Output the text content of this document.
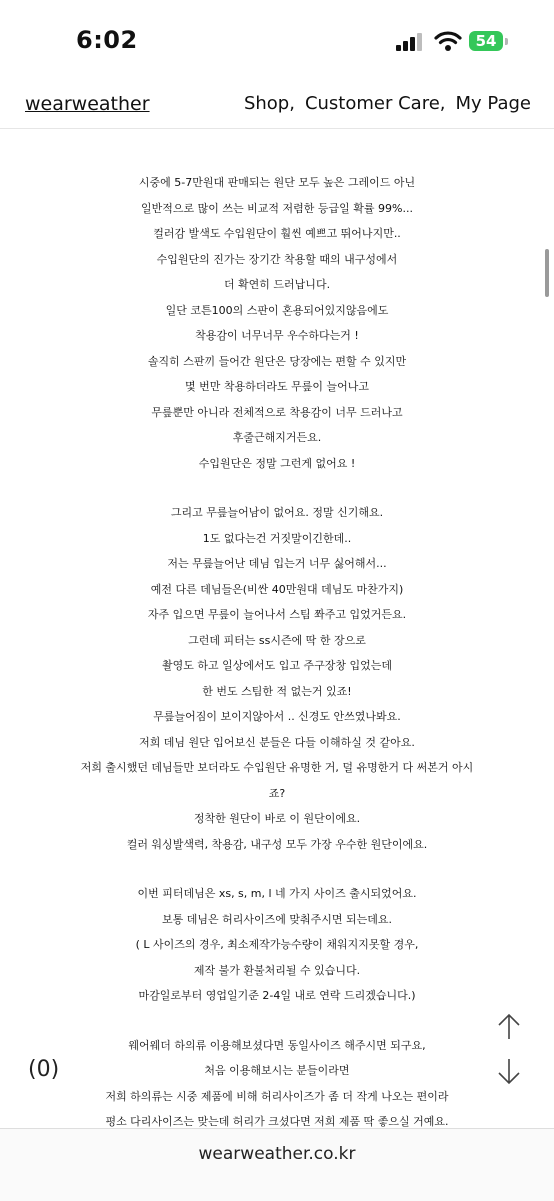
6:02	54
wearweather	Shop, Customer Care, My Page
시중에 5-7만원대 판매되는 원단 모두 높은 그레이드 아닌
일반적으로 많이 쓰는 비교적 저렴한 등급일 확률 99%...
컬러감 발색도 수입원단이 훨씬 예쁘고 뛰어나지만..
수입원단의 진가는 장기간 착용할 때의 내구성에서
더 확연히 드러납니다.
일단 코튼100의 스판이 혼용되어있지않음에도
착용감이 너무너무 우수하다는거 !
솔직히 스판끼 들어간 원단은 당장에는 편할 수 있지만
몇 번만 착용하더라도 무릎이 늘어나고
무릎뿐만 아니라 전체적으로 착용감이 너무 드러나고
후줄근해지거든요.
수입원단은 정말 그런게 없어요 !
그리고 무릎늘어남이 없어요. 정말 신기해요.
1도 없다는건 거짓말이긴한데..
저는 무릎늘어난 데님 입는거 너무 싫어해서...
예전 다른 데님들은(비싼 40만원대 데님도 마찬가지)
자주 입으면 무릎이 늘어나서 스팀 쫘주고 입었거든요.
그런데 피터는 ss시즌에 딱 한 장으로
촬영도 하고 일상에서도 입고 주구장창 입었는데
한 번도 스팀한 적 없는거 있죠!
무릎늘어짐이 보이지않아서 .. 신경도 안쓰였나봐요.
저희 데님 원단 입어보신 분들은 다들 이해하실 것 같아요.
저희 출시했던 데님들만 보더라도 수입원단 유명한 거, 덜 유명한거 다 써본거 아시
죠?
정착한 원단이 바로 이 원단이에요.
컬러 워싱발색력, 착용감, 내구성 모두 가장 우수한 원단이에요.
이번 피터데님은 xs, s, m, l 네 가지 사이즈 출시되었어요.
보통 데님은 허리사이즈에 맞춰주시면 되는데요.
( L 사이즈의 경우, 최소제작가능수량이 채워지지못할 경우,
제작 불가 환불처리될 수 있습니다.
마감일로부터 영업일기준 2-4일 내로 연락 드리겠습니다.)
웨어웨더 하의류 이용해보셨다면 동일사이즈 해주시면 되구요,
처음 이용해보시는 분들이라면
저희 하의류는 시중 제품에 비해 허리사이즈가 좀 더 작게 나오는 편이라
평소 다리사이즈는 맞는데 허리가 크셨다면 저희 제품 딱 좋으실 거예요.
(0)
wearweather.co.kr
